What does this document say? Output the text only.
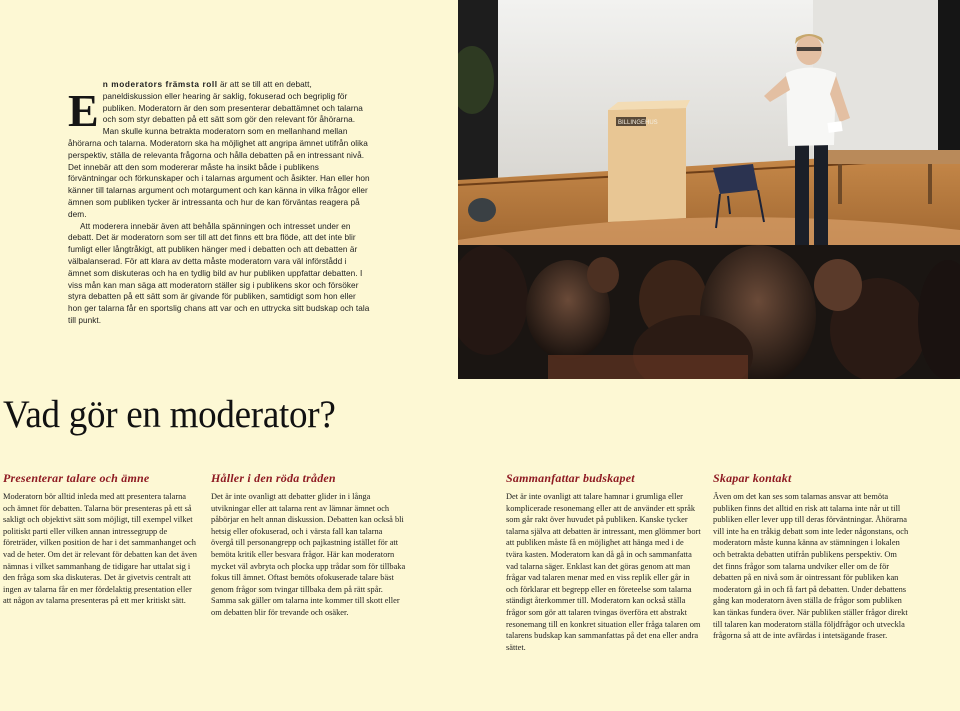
E

n moderators främsta roll är att se till att en debatt, paneldiskussion eller hearing är saklig, fokuserad och begriplig för publiken. Moderatorn är den som presenterar debattämnet och talarna och som styr debatten på ett sätt som gör den relevant för åhörarna. Man skulle kunna betrakta moderatorn som en mellanhand mellan åhörarna och talarna. Moderatorn ska ha möjlighet att angripa ämnet utifrån olika perspektiv, ställa de relevanta frågorna och hålla debatten på en intressant nivå. Det innebär att den som modererar måste ha insikt både i publikens förväntningar och förkunskaper och i talarnas argument och åsikter. Han eller hon känner till talarnas argument och motargument och kan känna in vilka frågor eller ämnen som publiken tycker är intressanta och hur de kan förväntas reagera på dem.

Att moderera innebär även att behålla spänningen och intresset under en debatt. Det är moderatorn som ser till att det finns ett bra flöde, att det inte blir fumligt eller långtråkigt, att publiken hänger med i debatten och att debatten är välbalanserad. För att klara av detta måste moderatorn vara väl införstådd i ämnet som diskuteras och ha en tydlig bild av hur publiken uppfattar debatten. I viss mån kan man säga att moderatorn ställer sig i publikens skor och försöker styra debatten på ett sätt som är givande för publiken, samtidigt som hon eller hon ger talarna får en sportslig chans att var och en uttrycka sitt budskap och tala till punkt.

BILLINGEHUS
Vad gör en moderator?
Presenterar talare och ämne

Moderatorn bör alltid inleda med att presentera talarna och ämnet för debatten. Talarna bör presenteras på ett så sakligt och objektivt sätt som möjligt, till exempel vilket politiskt parti eller vilken annan intressegrupp de företräder, vilken position de har i det sammanhanget och vad de heter. Om det är relevant för debatten kan det även nämnas i vilket sammanhang de tidigare har uttalat sig i den fråga som ska diskuteras. Det är givetvis centralt att ingen av talarna får en mer fördelaktig presentation eller att någon av talarna presenteras på ett mer kritiskt sätt.

Håller i den röda tråden

Det är inte ovanligt att debatter glider in i långa utvikningar eller att talarna rent av lämnar ämnet och påbörjar en helt annan diskussion. Debatten kan också bli hetsig eller ofokuserad, och i värsta fall kan talarna övergå till personangrepp och pajkastning istället för att bemöta kritik eller besvara frågor. Här kan moderatorn mycket väl avbryta och plocka upp trådar som för tillbaka fokus till ämnet. Oftast bemöts ofokuserade talare bäst genom frågor som tvingar tillbaka dem på rätt spår. Samma sak gäller om talarna inte kommer till skott eller om debatten blir för trevande och osäker.

Sammanfattar budskapet

Det är inte ovanligt att talare hamnar i grumliga eller komplicerade resonemang eller att de använder ett språk som går rakt över huvudet på publiken. Kanske tycker talarna själva att debatten är intressant, men glömmer bort att publiken måste få en möjlighet att hänga med i de tvära kasten. Moderatorn kan då gå in och sammanfatta vad talarna säger. Enklast kan det göras genom att man frågar vad talaren menar med en viss replik eller går in och förklarar ett begrepp eller en företeelse som talarna ständigt återkommer till. Moderatorn kan också ställa frågor som gör att talaren tvingas överföra ett abstrakt resonemang till en konkret situation eller fråga talaren om talarens budskap kan sammanfattas på det ena eller andra sättet.

Skapar kontakt

Även om det kan ses som talarnas ansvar att bemöta publiken finns det alltid en risk att talarna inte når ut till publiken eller lever upp till deras förväntningar. Åhörarna vill inte ha en tråkig debatt som inte leder någonstans, och moderatorn måste kunna känna av stämningen i lokalen och betrakta debatten utifrån publikens perspektiv. Om det finns frågor som talarna undviker eller om de för debatten på en nivå som är ointressant för publiken kan moderatorn gå in och få fart på debatten. Under debattens gång kan moderatorn även ställa de frågor som publiken kan tänkas fundera över. När publiken ställer frågor direkt till talaren kan moderatorn ställa följdfrågor och utveckla frågorna så att de inte avfärdas i intetsägande fraser.
